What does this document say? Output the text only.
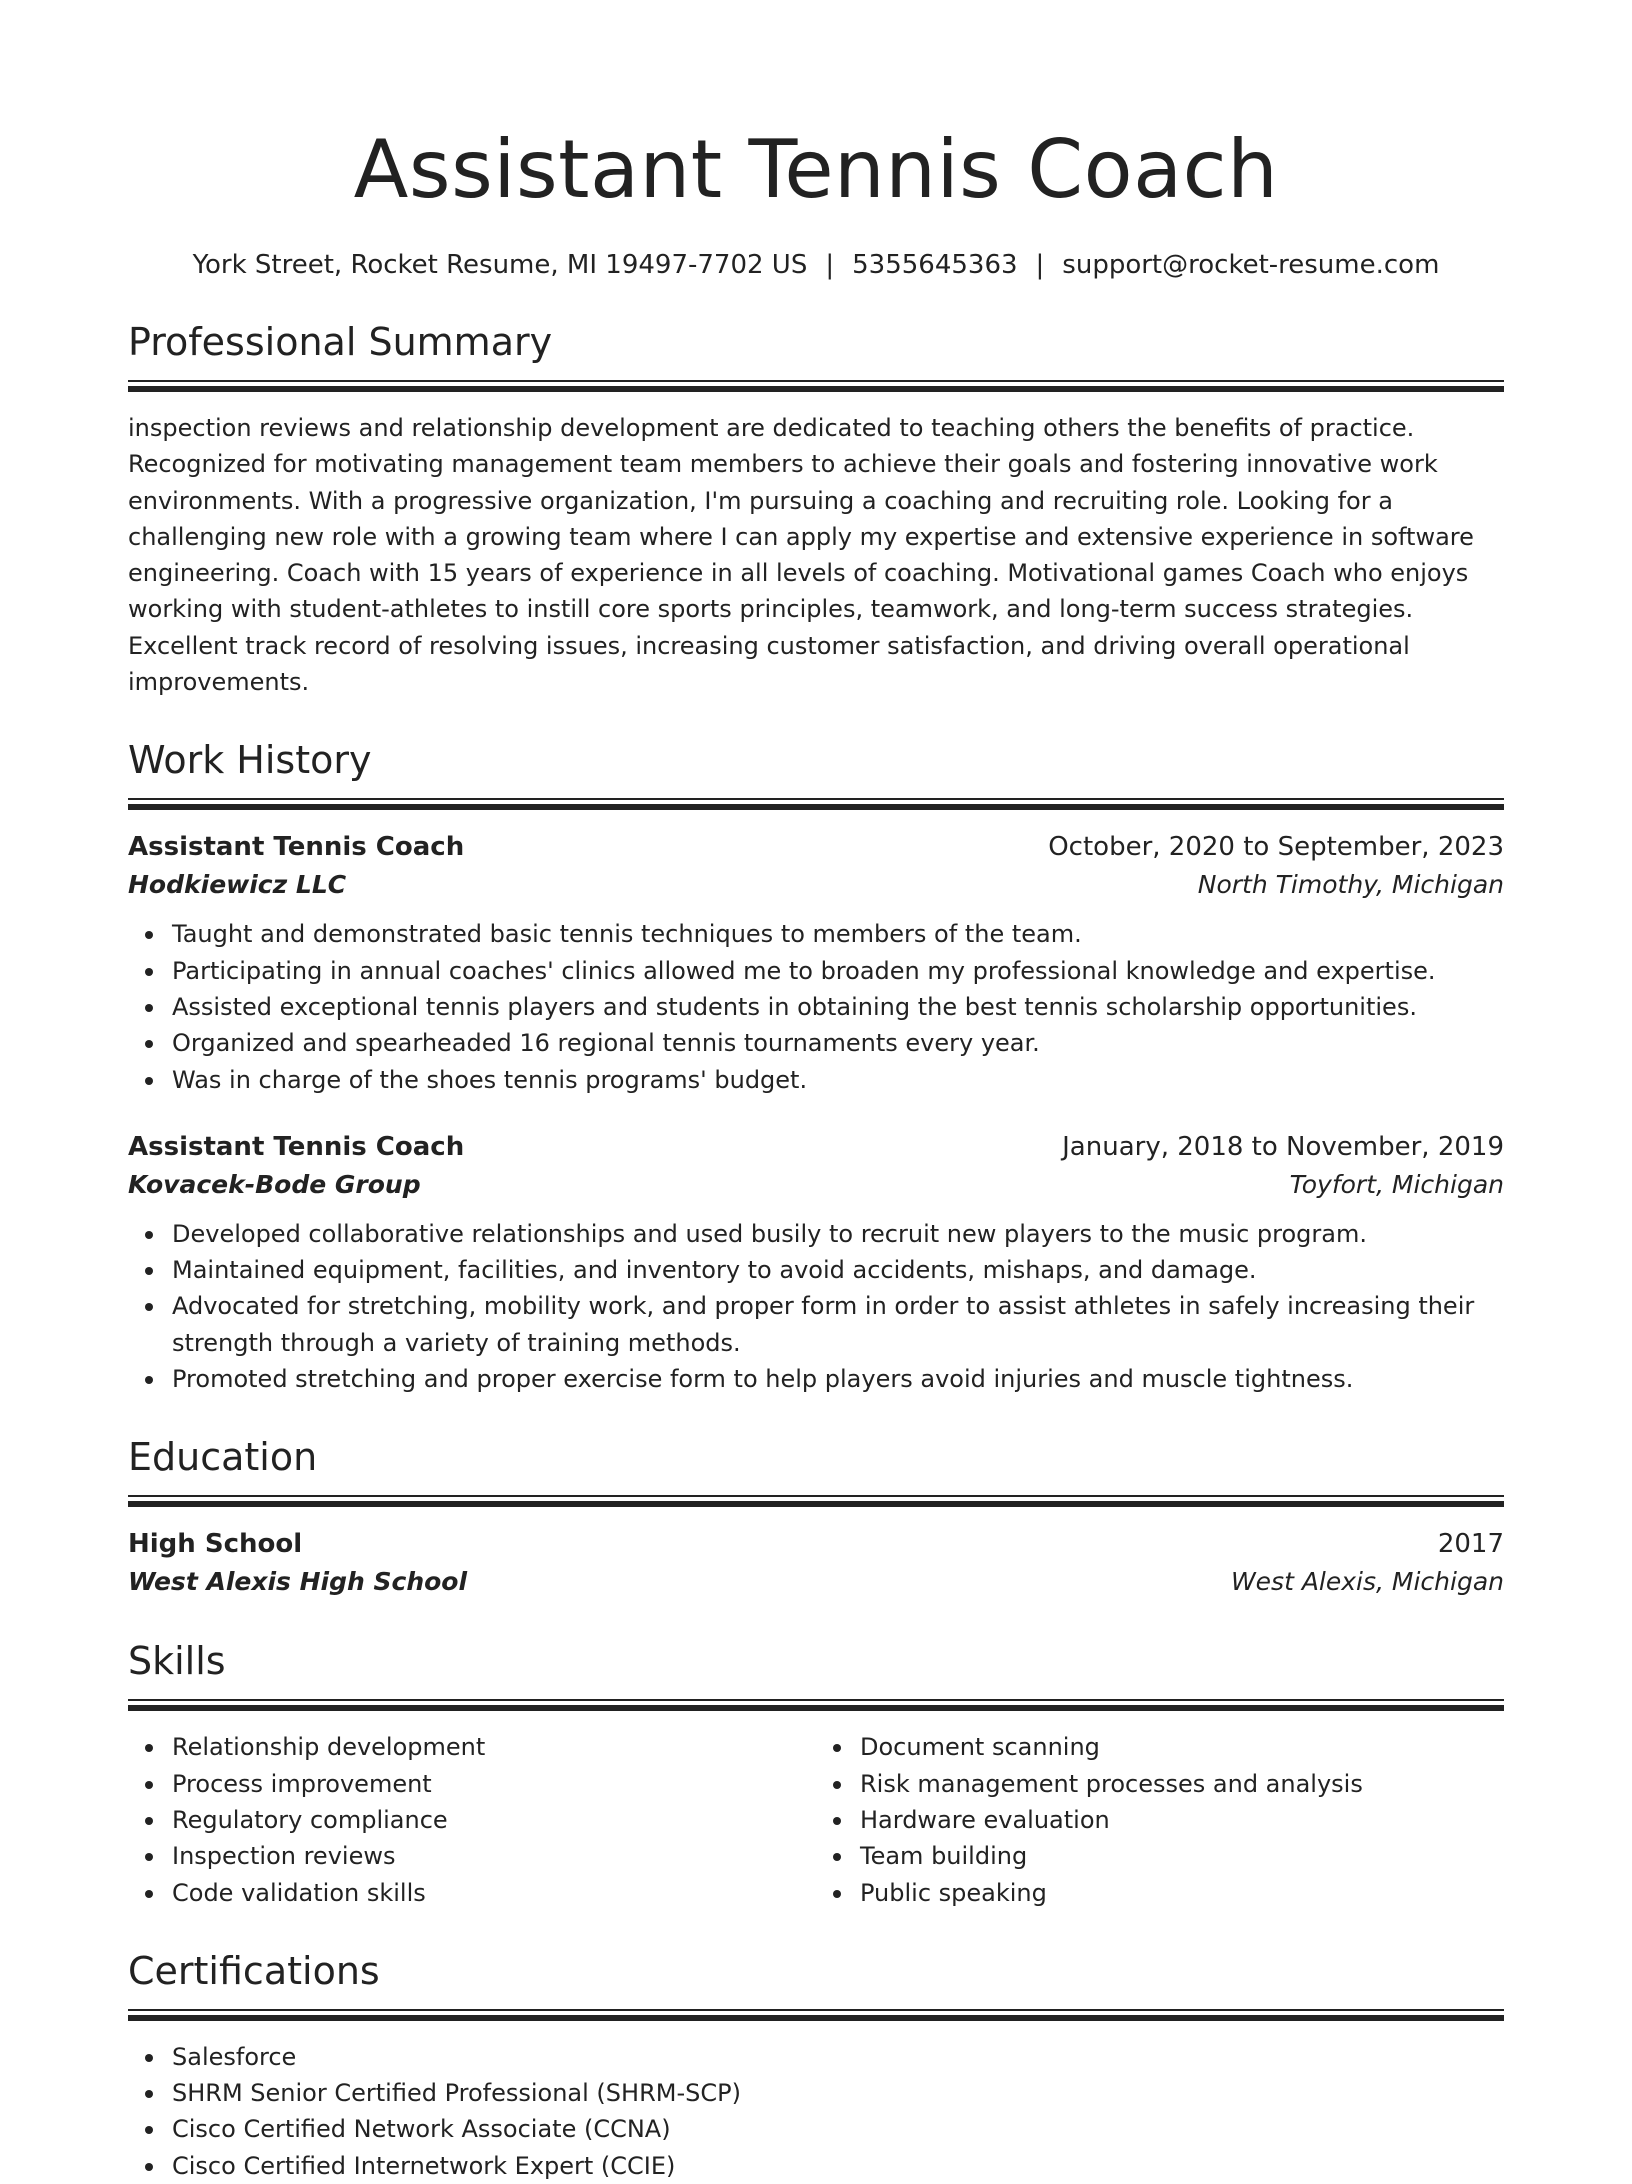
Assistant Tennis Coach
York Street, Rocket Resume, MI 19497-7702 US | 5355645363 | support@rocket-resume.com
Professional Summary

inspection reviews and relationship development are dedicated to teaching others the benefits of practice. Recognized for motivating management team members to achieve their goals and fostering innovative work environments. With a progressive organization, I'm pursuing a coaching and recruiting role. Looking for a challenging new role with a growing team where I can apply my expertise and extensive experience in software engineering. Coach with 15 years of experience in all levels of coaching. Motivational games Coach who enjoys working with student-athletes to instill core sports principles, teamwork, and long-term success strategies. Excellent track record of resolving issues, increasing customer satisfaction, and driving overall operational improvements.

Work History
Assistant Tennis Coach	October, 2020 to September, 2023
Hodkiewicz LLC	North Timothy, Michigan
Taught and demonstrated basic tennis techniques to members of the team.
Participating in annual coaches' clinics allowed me to broaden my professional knowledge and expertise.
Assisted exceptional tennis players and students in obtaining the best tennis scholarship opportunities.
Organized and spearheaded 16 regional tennis tournaments every year.
Was in charge of the shoes tennis programs' budget.
Assistant Tennis Coach	January, 2018 to November, 2019
Kovacek-Bode Group	Toyfort, Michigan
Developed collaborative relationships and used busily to recruit new players to the music program.
Maintained equipment, facilities, and inventory to avoid accidents, mishaps, and damage.
Advocated for stretching, mobility work, and proper form in order to assist athletes in safely increasing their strength through a variety of training methods.
Promoted stretching and proper exercise form to help players avoid injuries and muscle tightness.
Education
High School	2017
West Alexis High School	West Alexis, Michigan
Skills
Relationship development
Process improvement
Regulatory compliance
Inspection reviews
Code validation skills
Document scanning
Risk management processes and analysis
Hardware evaluation
Team building
Public speaking
Certifications
Salesforce
SHRM Senior Certified Professional (SHRM-SCP)
Cisco Certified Network Associate (CCNA)
Cisco Certified Internetwork Expert (CCIE)
